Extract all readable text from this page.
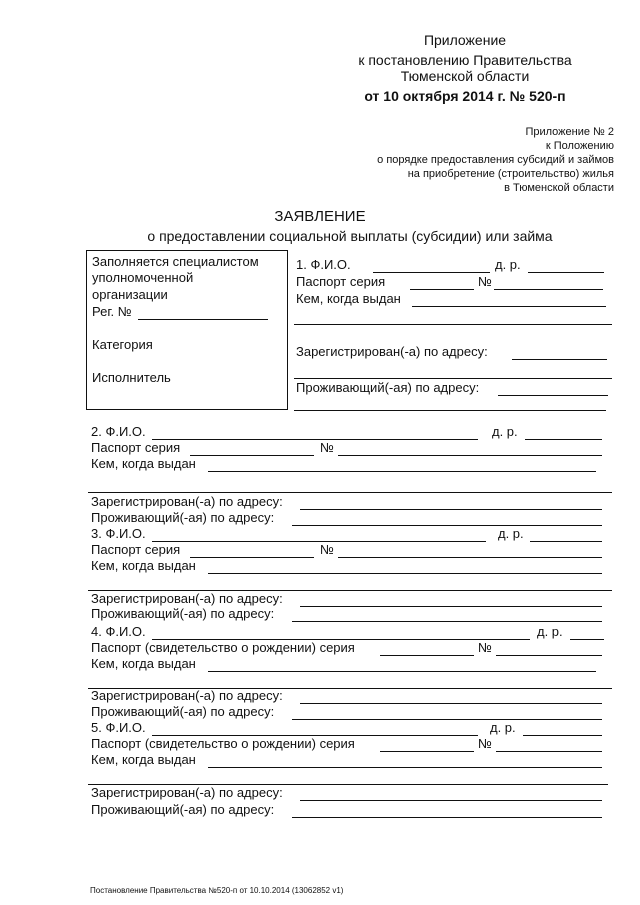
Приложение
к постановлению Правительства
Тюменской области
от 10 октября 2014 г. № 520-п
Приложение № 2
к Положению
о порядке предоставления субсидий и займов
на приобретение (строительство) жилья
в Тюменской области
ЗАЯВЛЕНИЕ
о предоставлении социальной выплаты (субсидии) или займа
Заполняется специалистом
уполномоченной
организации
Рег. №
Категория
Исполнитель
1. Ф.И.О.	д. р.
Паспорт серия	№
Кем, когда выдан
Зарегистрирован(-а) по адресу:
Проживающий(-ая) по адресу:
2. Ф.И.О.	д. р.
Паспорт серия	№
Кем, когда выдан
Зарегистрирован(-а) по адресу:
Проживающий(-ая) по адресу:
3. Ф.И.О.	д. р.
Паспорт серия	№
Кем, когда выдан
Зарегистрирован(-а) по адресу:
Проживающий(-ая) по адресу:
4. Ф.И.О.	д. р.
Паспорт (свидетельство о рождении) серия	№
Кем, когда выдан
Зарегистрирован(-а) по адресу:
Проживающий(-ая) по адресу:
5. Ф.И.О.	д. р.
Паспорт (свидетельство о рождении) серия	№
Кем, когда выдан
Зарегистрирован(-а) по адресу:
Проживающий(-ая) по адресу:
Постановление Правительства №520-п от 10.10.2014 (13062852 v1)
